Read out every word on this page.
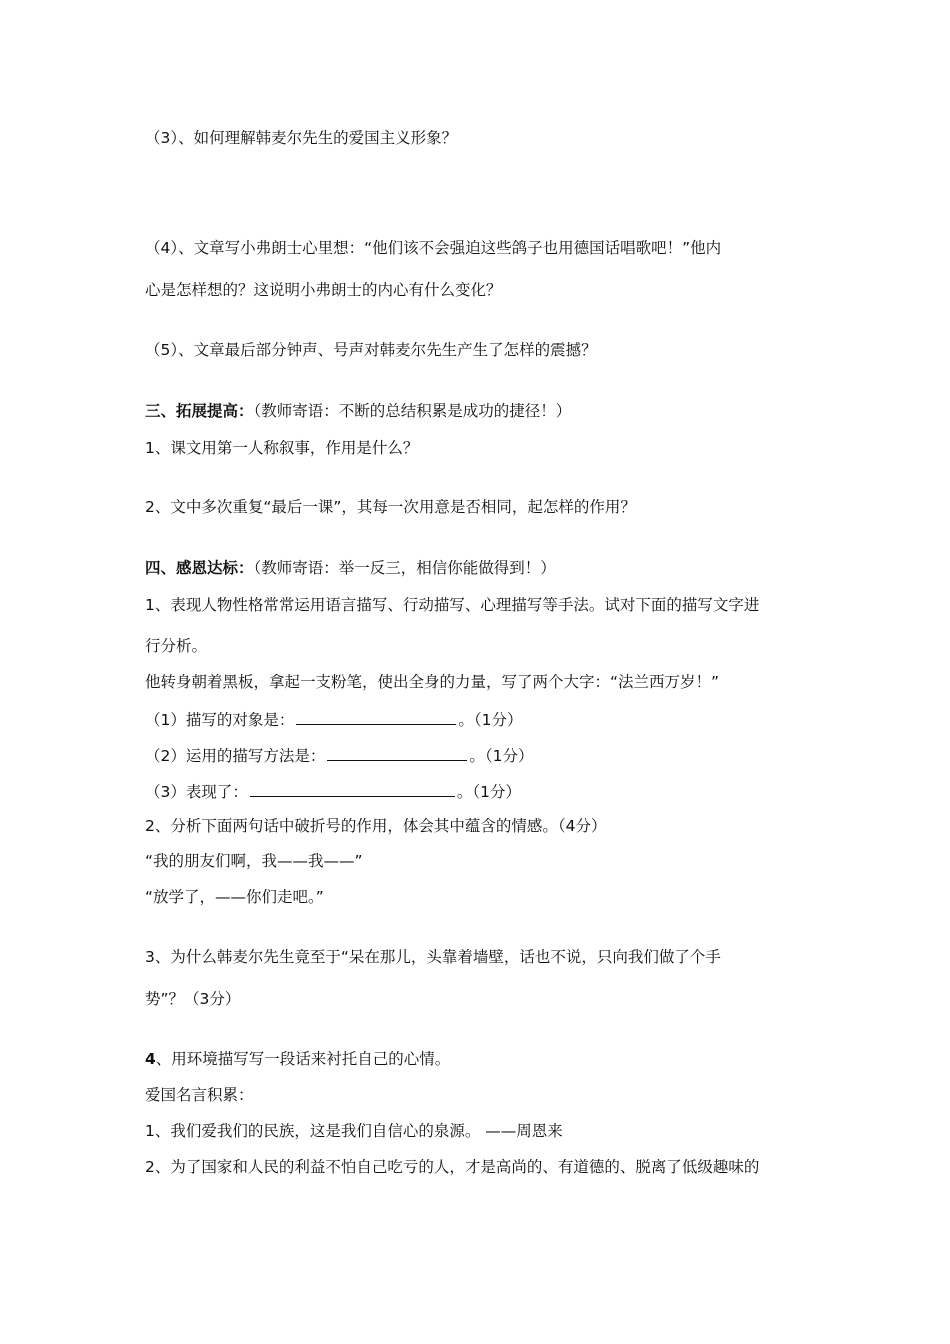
（3）、如何理解韩麦尔先生的爱国主义形象？
（4）、文章写小弗朗士心里想：“他们该不会强迫这些鸽子也用德国话唱歌吧！”他内
心是怎样想的？这说明小弗朗士的内心有什么变化？
（5）、文章最后部分钟声、号声对韩麦尔先生产生了怎样的震撼？
三、拓展提高：（教师寄语：不断的总结积累是成功的捷径！）
1、课文用第一人称叙事，作用是什么？
2、文中多次重复“最后一课”，其每一次用意是否相同，起怎样的作用？
四、感恩达标：（教师寄语：举一反三，相信你能做得到！）
1、表现人物性格常常运用语言描写、行动描写、心理描写等手法。试对下面的描写文字进
行分析。
他转身朝着黑板，拿起一支粉笔，使出全身的力量，写了两个大字：“法兰西万岁！”
（1）描写的对象是：	。（1分）
（2）运用的描写方法是：	。（1分）
（3）表现了：	。（1分）
2、分析下面两句话中破折号的作用，体会其中蕴含的情感。（4分）
“我的朋友们啊，我——我——”
“放学了，——你们走吧。”
3、为什么韩麦尔先生竟至于“呆在那儿，头靠着墙壁，话也不说，只向我们做了个手
势”？（3分）
4、用环境描写写一段话来衬托自己的心情。
爱国名言积累：
1、我们爱我们的民族，这是我们自信心的泉源。 ——周恩来
2、为了国家和人民的利益不怕自己吃亏的人，才是高尚的、有道德的、脱离了低级趣味的
